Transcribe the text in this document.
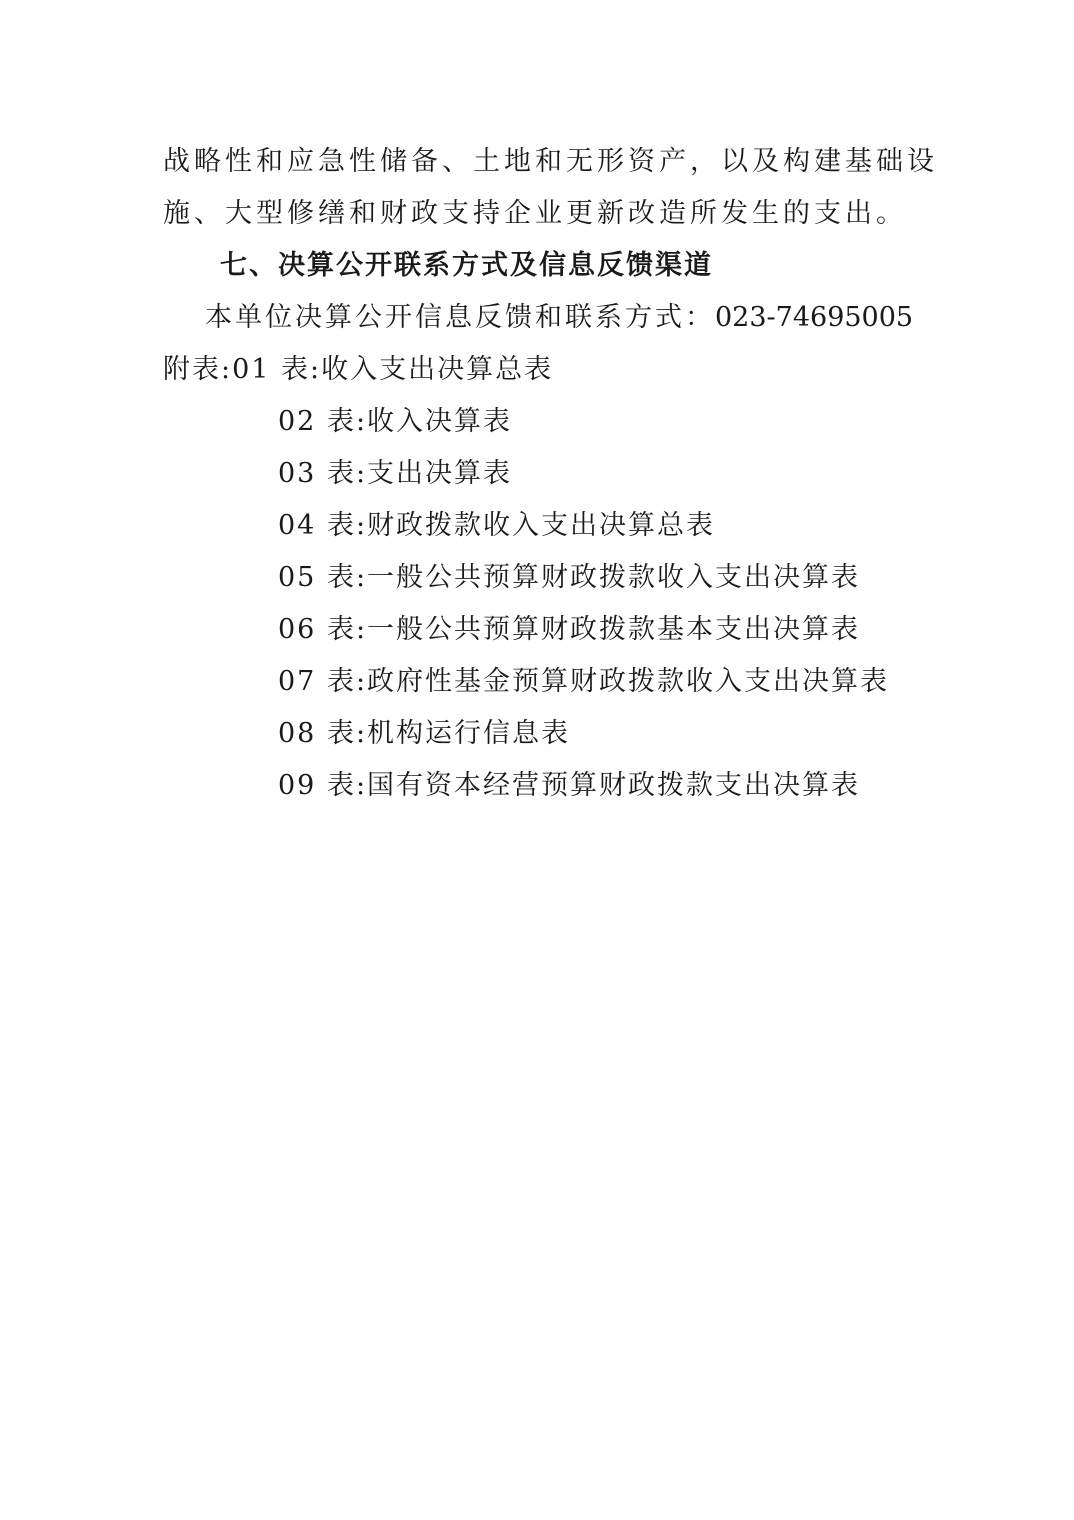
战略性和应急性储备、土地和无形资产，以及构建基础设
施、大型修缮和财政支持企业更新改造所发生的支出。
七、决算公开联系方式及信息反馈渠道
本单位决算公开信息反馈和联系方式：023-74695005
附表:01 表:收入支出决算总表
02 表:收入决算表
03 表:支出决算表
04 表:财政拨款收入支出决算总表
05 表:一般公共预算财政拨款收入支出决算表
06 表:一般公共预算财政拨款基本支出决算表
07 表:政府性基金预算财政拨款收入支出决算表
08 表:机构运行信息表
09 表:国有资本经营预算财政拨款支出决算表
